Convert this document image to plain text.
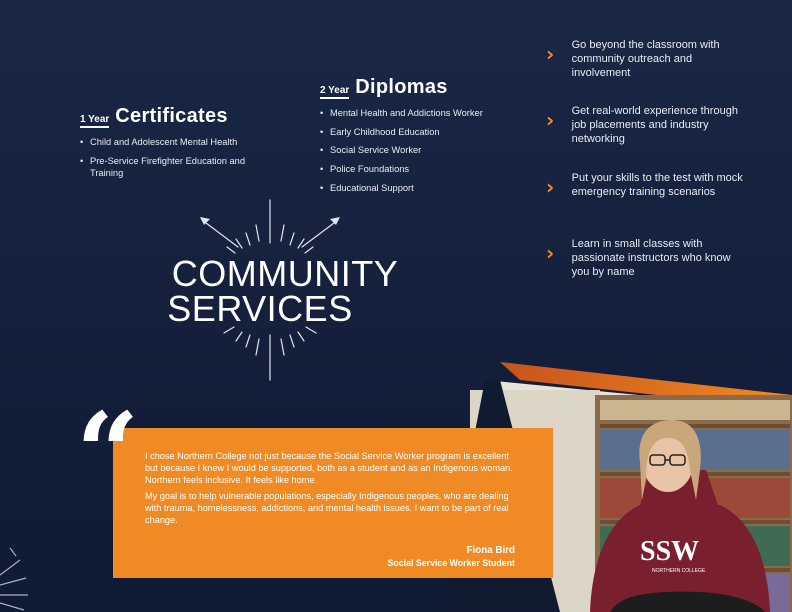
SSW
NORTHERN COLLEGE
1 Year Certificates
• Child and Adolescent Mental Health
• Pre-Service Firefighter Education and Training
2 Year Diplomas
• Mental Health and Addictions Worker
• Early Childhood Education
• Social Service Worker
• Police Foundations
• Educational Support
›	Go beyond the classroom with community outreach and involvement
›	Get real-world experience through job placements and industry networking
›	Put your skills to the test with mock emergency training scenarios
›	Learn in small classes with passionate instructors who know you by name
COMMUNITY
SERVICES

I chose Northern College not just because the Social Service Worker program is excellent but because I knew I would be supported, both as a student and as an Indigenous woman. Northern feels inclusive. It feels like home.

My goal is to help vulnerable populations, especially Indigenous peoples, who are dealing with trauma, homelessness, addictions, and mental health issues. I want to be part of real change.

Fiona Bird
Social Service Worker Student
“
